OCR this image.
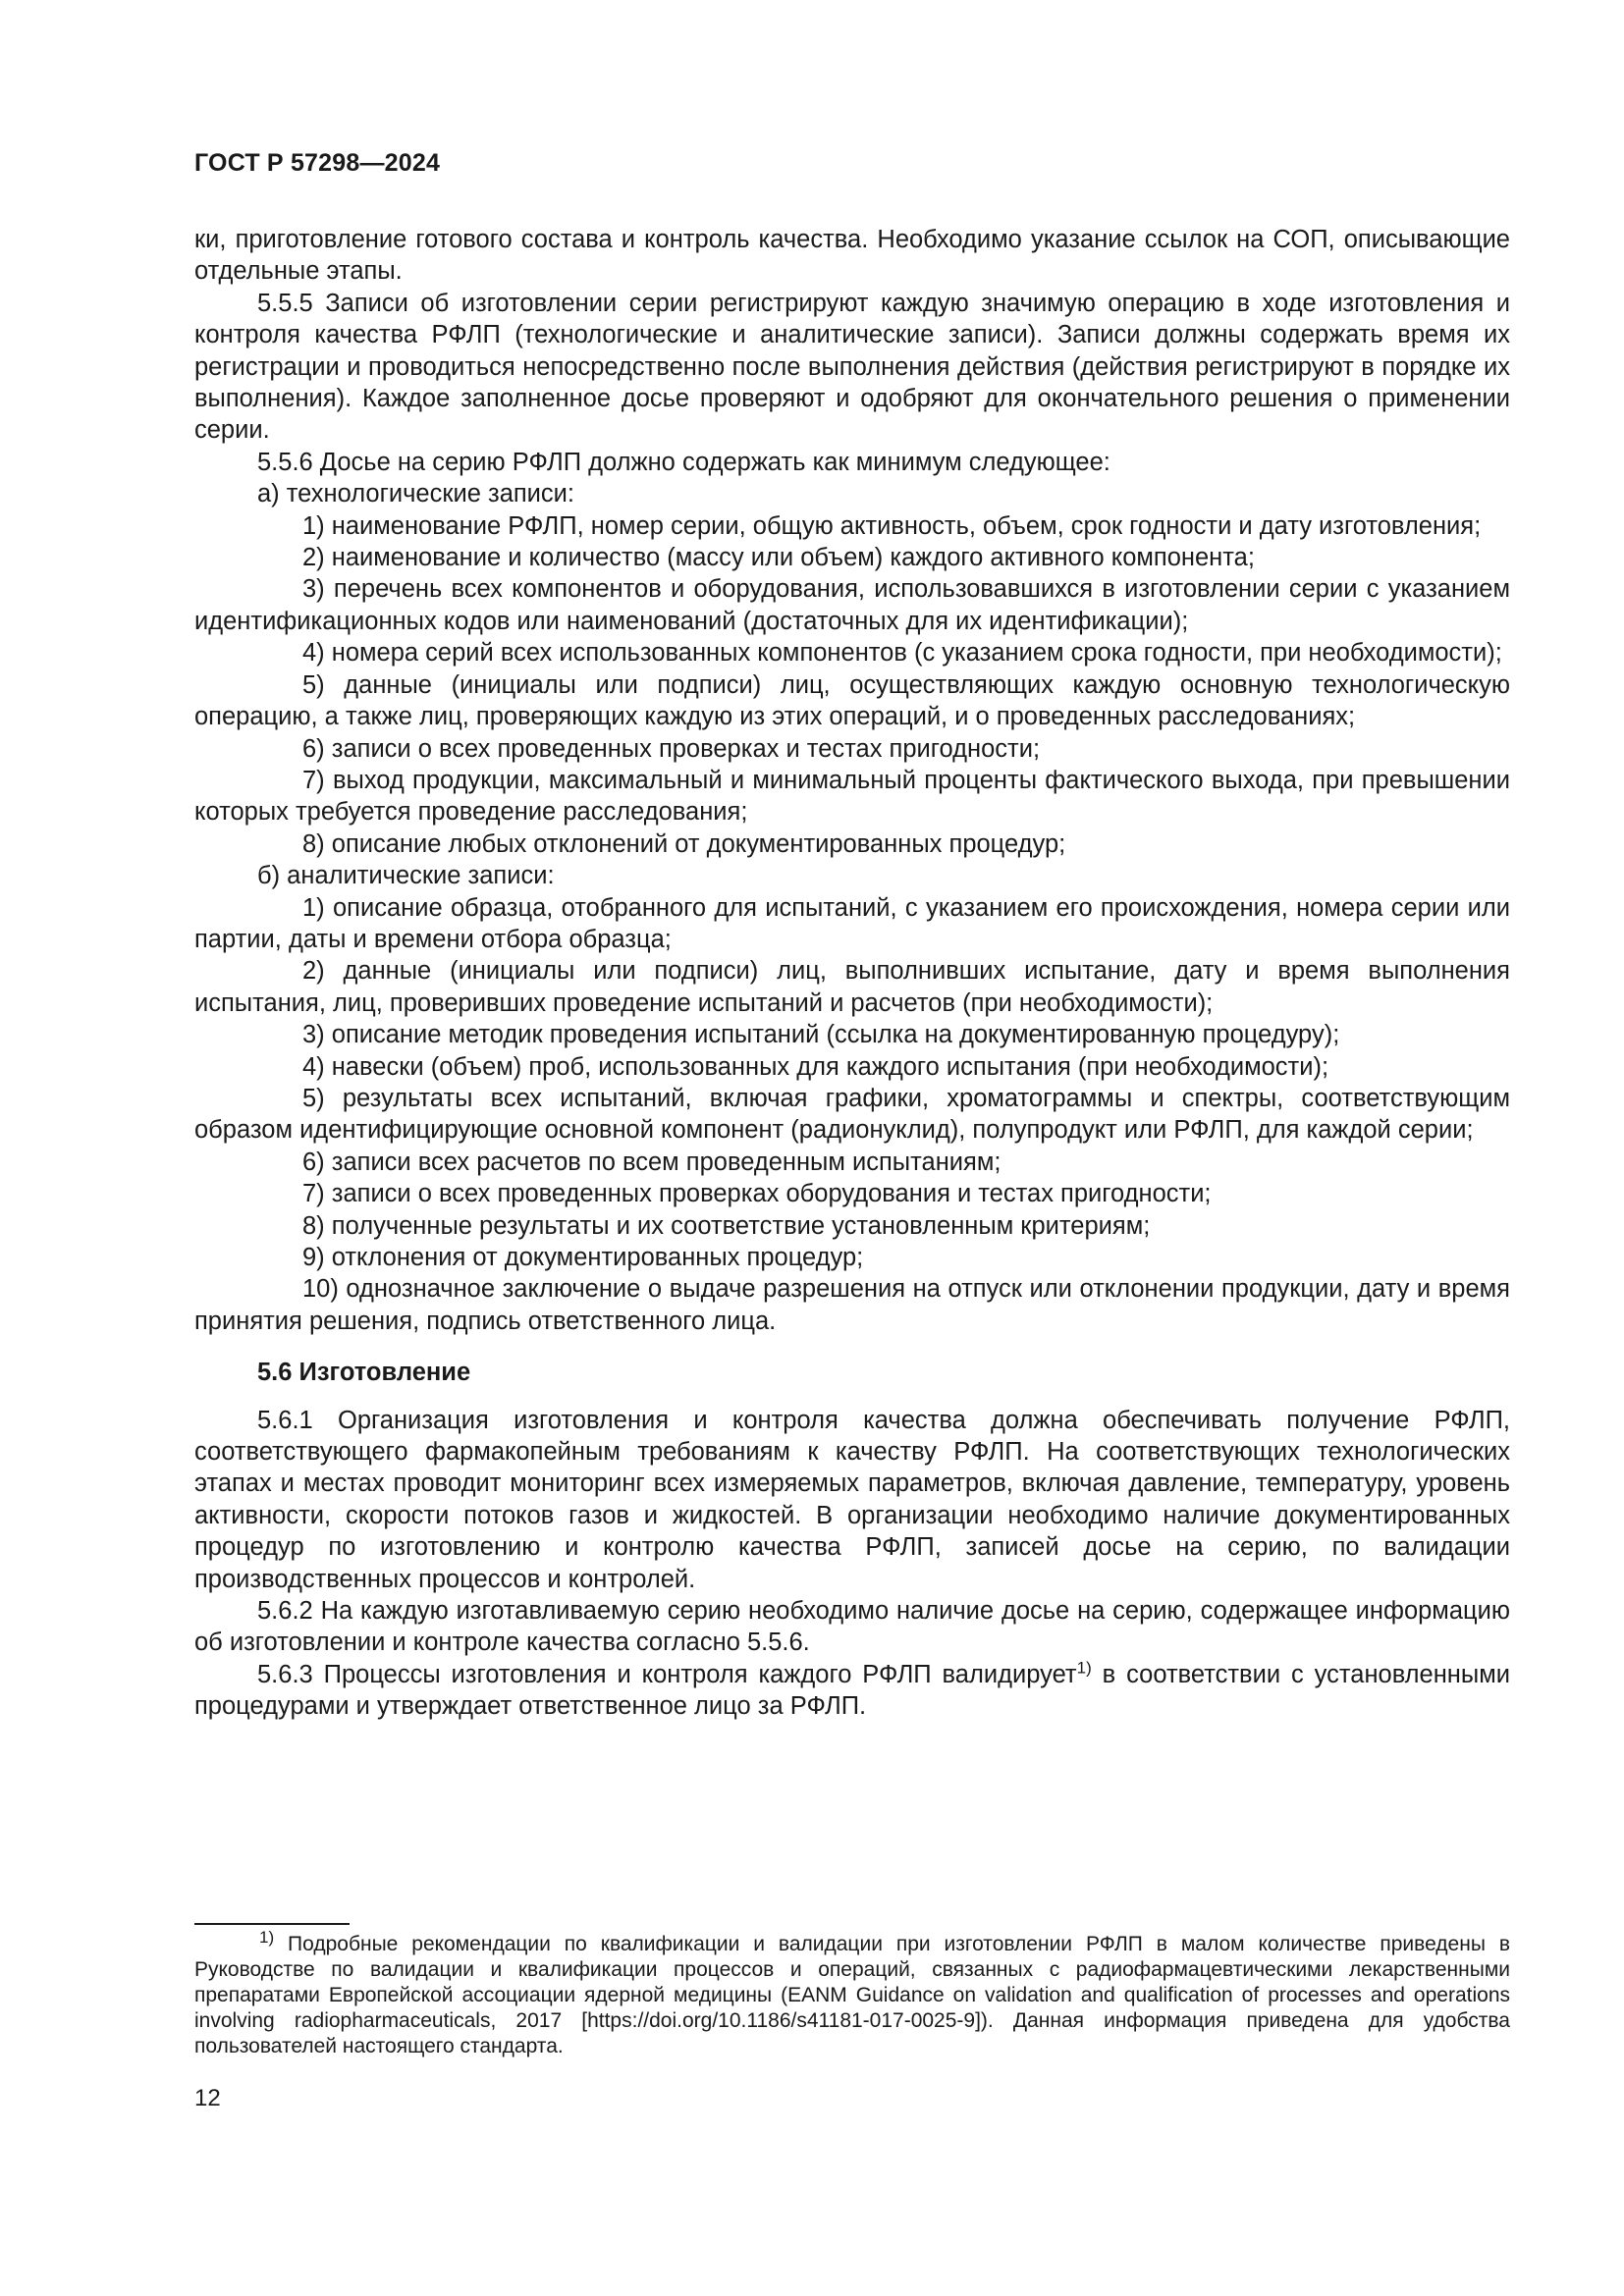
ГОСТ Р 57298—2024

ки, приготовление готового состава и контроль качества. Необходимо указание ссылок на СОП, описывающие отдельные этапы.

5.5.5 Записи об изготовлении серии регистрируют каждую значимую операцию в ходе изготовления и контроля качества РФЛП (технологические и аналитические записи). Записи должны содержать время их регистрации и проводиться непосредственно после выполнения действия (действия регистрируют в порядке их выполнения). Каждое заполненное досье проверяют и одобряют для окончательного решения о применении серии.

5.5.6 Досье на серию РФЛП должно содержать как минимум следующее:

а) технологические записи:

1) наименование РФЛП, номер серии, общую активность, объем, срок годности и дату изготовления;

2) наименование и количество (массу или объем) каждого активного компонента;

3) перечень всех компонентов и оборудования, использовавшихся в изготовлении серии с указанием идентификационных кодов или наименований (достаточных для их идентификации);

4) номера серий всех использованных компонентов (с указанием срока годности, при необходимости);

5) данные (инициалы или подписи) лиц, осуществляющих каждую основную технологическую операцию, а также лиц, проверяющих каждую из этих операций, и о проведенных расследованиях;

6) записи о всех проведенных проверках и тестах пригодности;

7) выход продукции, максимальный и минимальный проценты фактического выхода, при превышении которых требуется проведение расследования;

8) описание любых отклонений от документированных процедур;

б) аналитические записи:

1) описание образца, отобранного для испытаний, с указанием его происхождения, номера серии или партии, даты и времени отбора образца;

2) данные (инициалы или подписи) лиц, выполнивших испытание, дату и время выполнения испытания, лиц, проверивших проведение испытаний и расчетов (при необходимости);

3) описание методик проведения испытаний (ссылка на документированную процедуру);

4) навески (объем) проб, использованных для каждого испытания (при необходимости);

5) результаты всех испытаний, включая графики, хроматограммы и спектры, соответствующим образом идентифицирующие основной компонент (радионуклид), полупродукт или РФЛП, для каждой серии;

6) записи всех расчетов по всем проведенным испытаниям;

7) записи о всех проведенных проверках оборудования и тестах пригодности;

8) полученные результаты и их соответствие установленным критериям;

9) отклонения от документированных процедур;

10) однозначное заключение о выдаче разрешения на отпуск или отклонении продукции, дату и время принятия решения, подпись ответственного лица.

5.6 Изготовление

5.6.1 Организация изготовления и контроля качества должна обеспечивать получение РФЛП, соответствующего фармакопейным требованиям к качеству РФЛП. На соответствующих технологических этапах и местах проводит мониторинг всех измеряемых параметров, включая давление, температуру, уровень активности, скорости потоков газов и жидкостей. В организации необходимо наличие документированных процедур по изготовлению и контролю качества РФЛП, записей досье на серию, по валидации производственных процессов и контролей.

5.6.2 На каждую изготавливаемую серию необходимо наличие досье на серию, содержащее информацию об изготовлении и контроле качества согласно 5.5.6.

5.6.3 Процессы изготовления и контроля каждого РФЛП валидирует$^{1)}$ в соответствии с установленными процедурами и утверждает ответственное лицо за РФЛП.

$^{1)}$ Подробные рекомендации по квалификации и валидации при изготовлении РФЛП в малом количестве приведены в Руководстве по валидации и квалификации процессов и операций, связанных с радиофармацевтическими лекарственными препаратами Европейской ассоциации ядерной медицины (EANM Guidance on validation and qualification of processes and operations involving radiopharmaceuticals, 2017 [https://doi.org/10.1186/s41181-017-0025-9]). Данная информация приведена для удобства пользователей настоящего стандарта.

12
